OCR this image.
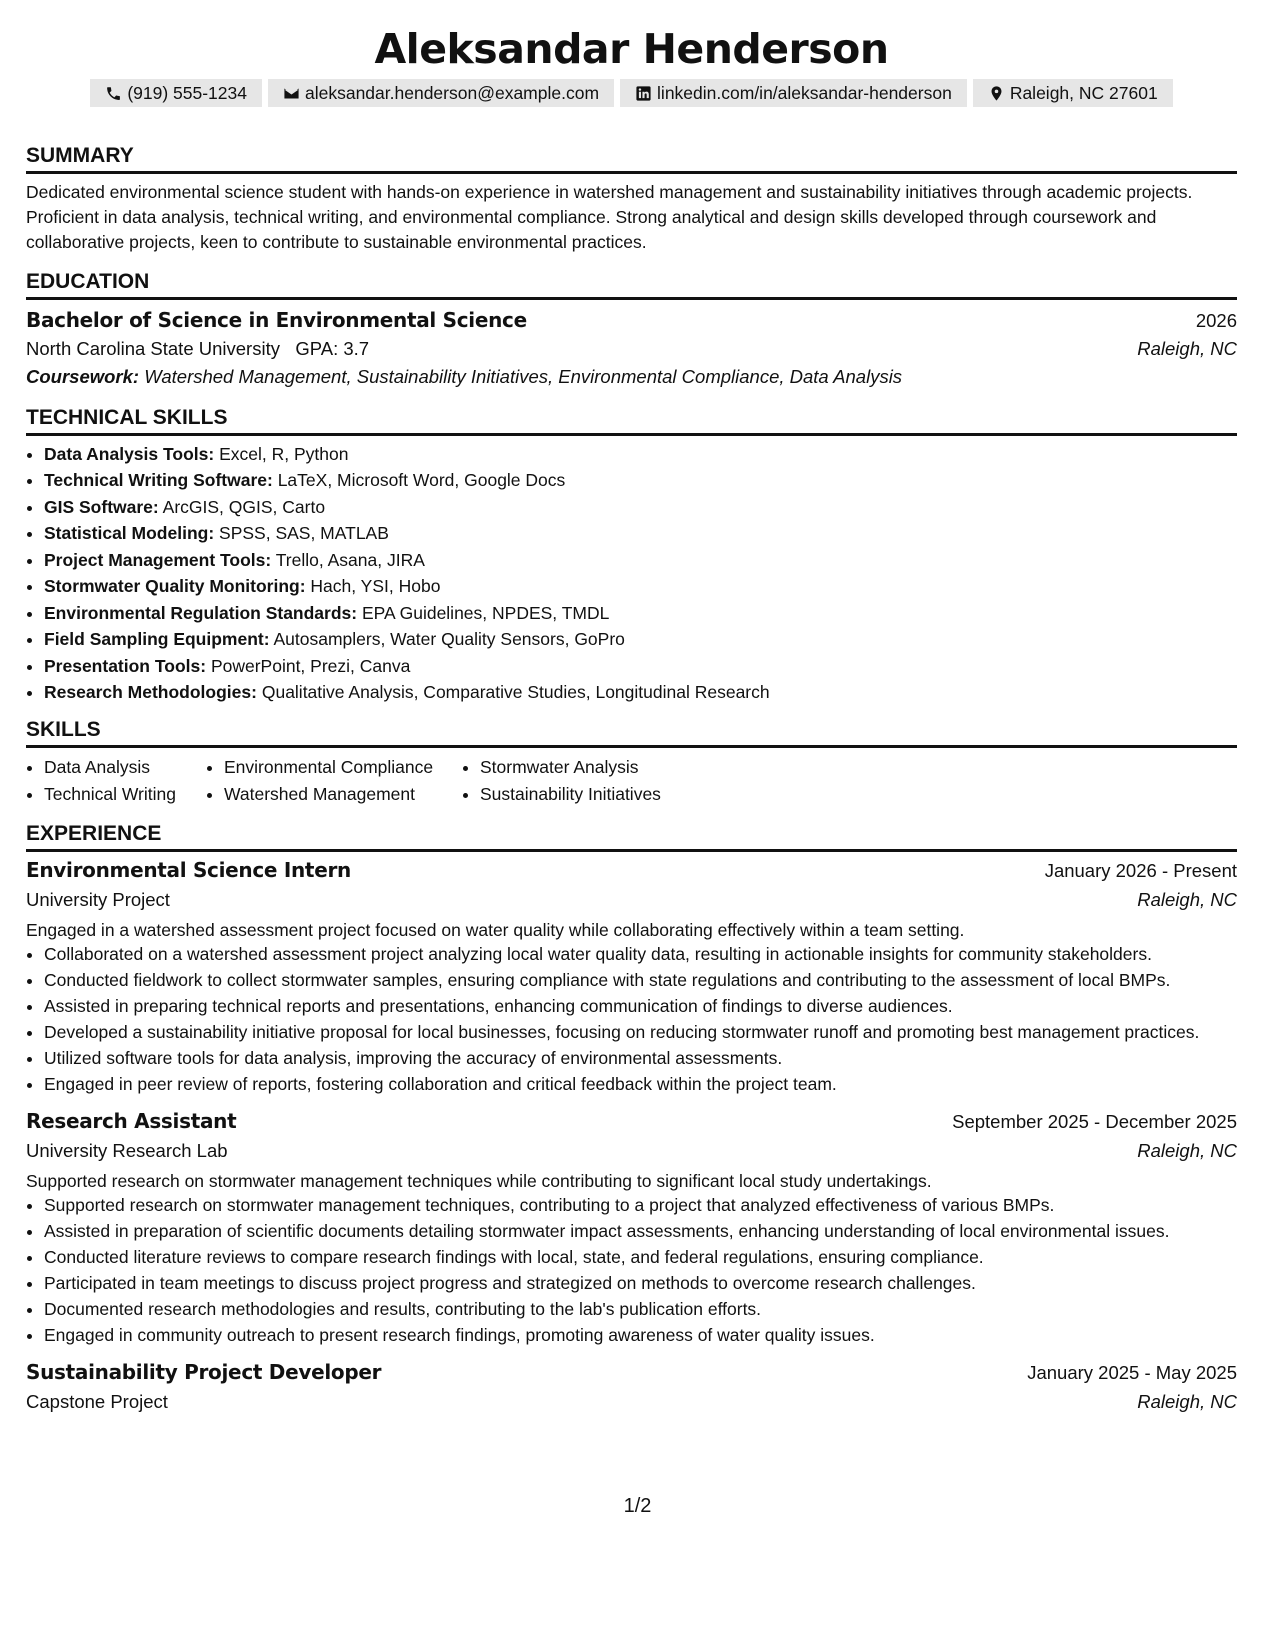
Aleksandar Henderson
(919) 555-1234	aleksandar.henderson@example.com	linkedin.com/in/aleksandar-henderson	Raleigh, NC 27601
SUMMARY

Dedicated environmental science student with hands-on experience in watershed management and sustainability initiatives through academic projects. Proficient in data analysis, technical writing, and environmental compliance. Strong analytical and design skills developed through coursework and collaborative projects, keen to contribute to sustainable environmental practices.

EDUCATION
Bachelor of Science in Environmental Science	2026
North Carolina State University GPA: 3.7	Raleigh, NC
Coursework: Watershed Management, Sustainability Initiatives, Environmental Compliance, Data Analysis
TECHNICAL SKILLS
• Data Analysis Tools: Excel, R, Python
• Technical Writing Software: LaTeX, Microsoft Word, Google Docs
• GIS Software: ArcGIS, QGIS, Carto
• Statistical Modeling: SPSS, SAS, MATLAB
• Project Management Tools: Trello, Asana, JIRA
• Stormwater Quality Monitoring: Hach, YSI, Hobo
• Environmental Regulation Standards: EPA Guidelines, NPDES, TMDL
• Field Sampling Equipment: Autosamplers, Water Quality Sensors, GoPro
• Presentation Tools: PowerPoint, Prezi, Canva
• Research Methodologies: Qualitative Analysis, Comparative Studies, Longitudinal Research
SKILLS
• Data Analysis	• Environmental Compliance	• Stormwater Analysis
• Technical Writing	• Watershed Management	• Sustainability Initiatives
EXPERIENCE
Environmental Science Intern	January 2026 - Present
University Project	Raleigh, NC

Engaged in a watershed assessment project focused on water quality while collaborating effectively within a team setting.

• Collaborated on a watershed assessment project analyzing local water quality data, resulting in actionable insights for community stakeholders.
• Conducted fieldwork to collect stormwater samples, ensuring compliance with state regulations and contributing to the assessment of local BMPs.
• Assisted in preparing technical reports and presentations, enhancing communication of findings to diverse audiences.
• Developed a sustainability initiative proposal for local businesses, focusing on reducing stormwater runoff and promoting best management practices.
• Utilized software tools for data analysis, improving the accuracy of environmental assessments.
• Engaged in peer review of reports, fostering collaboration and critical feedback within the project team.
Research Assistant	September 2025 - December 2025
University Research Lab	Raleigh, NC

Supported research on stormwater management techniques while contributing to significant local study undertakings.

• Supported research on stormwater management techniques, contributing to a project that analyzed effectiveness of various BMPs.
• Assisted in preparation of scientific documents detailing stormwater impact assessments, enhancing understanding of local environmental issues.
• Conducted literature reviews to compare research findings with local, state, and federal regulations, ensuring compliance.
• Participated in team meetings to discuss project progress and strategized on methods to overcome research challenges.
• Documented research methodologies and results, contributing to the lab's publication efforts.
• Engaged in community outreach to present research findings, promoting awareness of water quality issues.
Sustainability Project Developer	January 2025 - May 2025
Capstone Project	Raleigh, NC
1/2
